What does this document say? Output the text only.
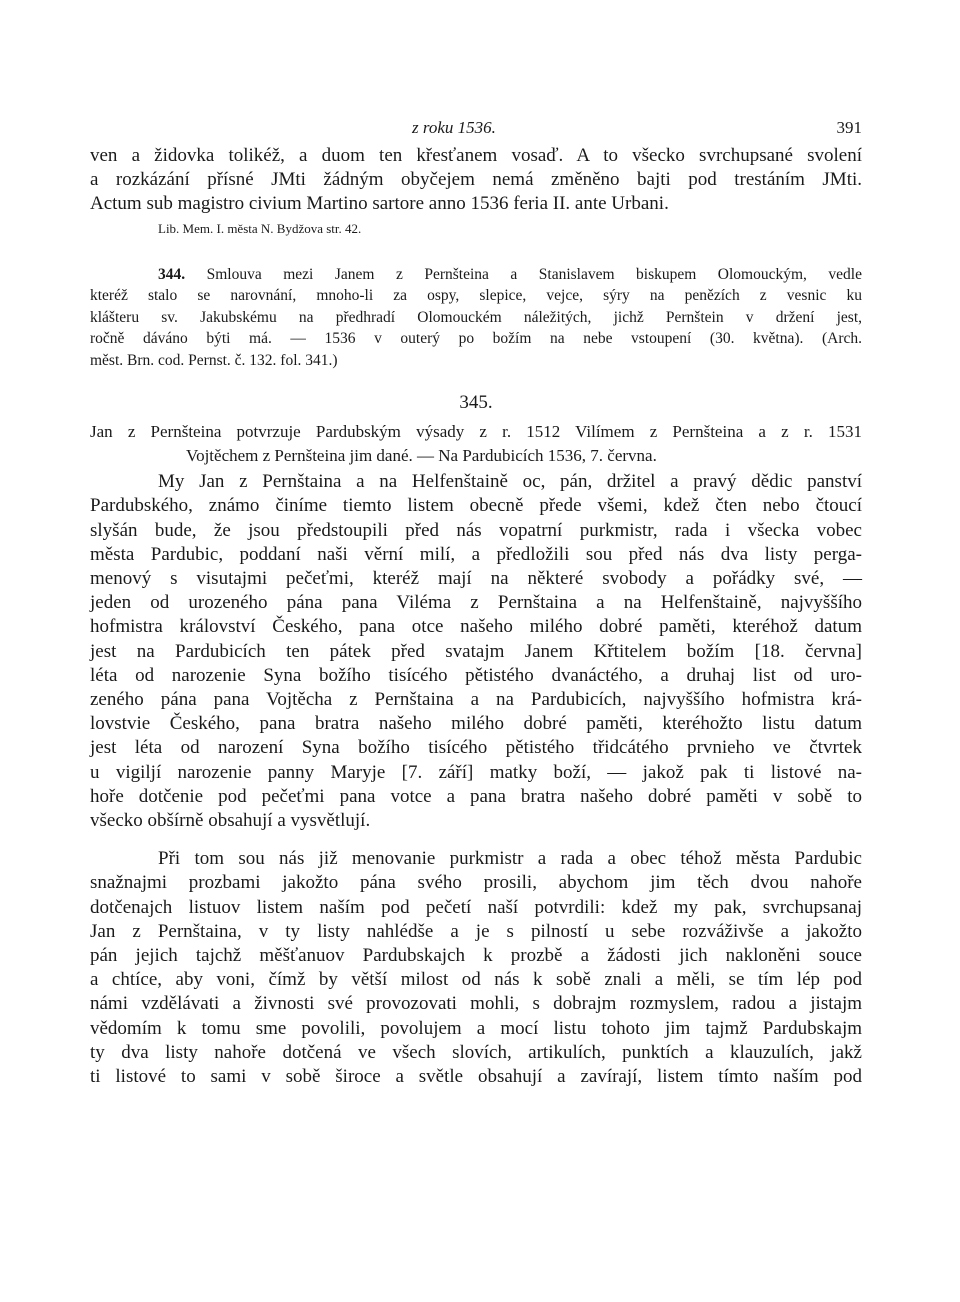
z roku 1536.	391
ven a židovka tolikéž, a duom ten křesťanem vosaď. A to všecko svrchupsané svolení
a rozkázání přísné JMti žádným obyčejem nemá změněno bajti pod trestáním JMti.
Actum sub magistro civium Martino sartore anno 1536 feria II. ante Urbani.
Lib. Mem. I. města N. Bydžova str. 42.
344. Smlouva mezi Janem z Pernšteina a Stanislavem biskupem Olomouckým, vedle
kteréž stalo se narovnání, mnoho-li za ospy, slepice, vejce, sýry na penězích z vesnic ku
klášteru sv. Jakubskému na předhradí Olomouckém náležitých, jichž Pernštein v držení jest,
ročně dáváno býti má. — 1536 v outerý po božím na nebe vstoupení (30. května). (Arch.
měst. Brn. cod. Pernst. č. 132. fol. 341.)
345.
Jan z Pernšteina potvrzuje Pardubským výsady z r. 1512 Vilímem z Pernšteina a z r. 1531
Vojtěchem z Pernšteina jim dané. — Na Pardubicích 1536, 7. června.
My Jan z Pernštaina a na Helfenštaině oc, pán, držitel a pravý dědic panství
Pardubského, známo činíme tiemto listem obecně přede všemi, kdež čten nebo čtoucí
slyšán bude, že jsou předstoupili před nás vopatrní purkmistr, rada i všecka vobec
města Pardubic, poddaní naši věrní milí, a předložili sou před nás dva listy perga-
menový s visutajmi pečeťmi, kteréž mají na některé svobody a pořádky své, —
jeden od urozeného pána pana Viléma z Pernštaina a na Helfenštaině, najvyššího
hofmistra království Českého, pana otce našeho milého dobré paměti, kteréhož datum
jest na Pardubicích ten pátek před svatajm Janem Křtitelem božím [18. června]
léta od narozenie Syna božího tisícého pětistého dvanáctého, a druhaj list od uro-
zeného pána pana Vojtěcha z Pernštaina a na Pardubicích, najvyššího hofmistra krá-
lovstvie Českého, pana bratra našeho milého dobré paměti, kteréhožto listu datum
jest léta od narození Syna božího tisícého pětistého třidcátého prvnieho ve čtvrtek
u vigiljí narozenie panny Maryje [7. září] matky boží, — jakož pak ti listové na-
hoře dotčenie pod pečeťmi pana votce a pana bratra našeho dobré paměti v sobě to
všecko obšírně obsahují a vysvětlují.
Při tom sou nás již menovanie purkmistr a rada a obec téhož města Pardubic
snažnajmi prozbami jakožto pána svého prosili, abychom jim těch dvou nahoře
dotčenajch listuov listem naším pod pečetí naší potvrdili: kdež my pak, svrchupsanaj
Jan z Pernštaina, v ty listy nahlédše a je s pilností u sebe rozváživše a jakožto
pán jejich tajchž měšťanuov Pardubskajch k prozbě a žádosti jich nakloněni souce
a chtíce, aby voni, čímž by větší milost od nás k sobě znali a měli, se tím lép pod
námi vzdělávati a živnosti své provozovati mohli, s dobrajm rozmyslem, radou a jistajm
vědomím k tomu sme povolili, povolujem a mocí listu tohoto jim tajmž Pardubskajm
ty dva listy nahoře dotčená ve všech slovích, artikulích, punktích a klauzulích, jakž
ti listové to sami v sobě široce a světle obsahují a zavírají, listem tímto naším pod
